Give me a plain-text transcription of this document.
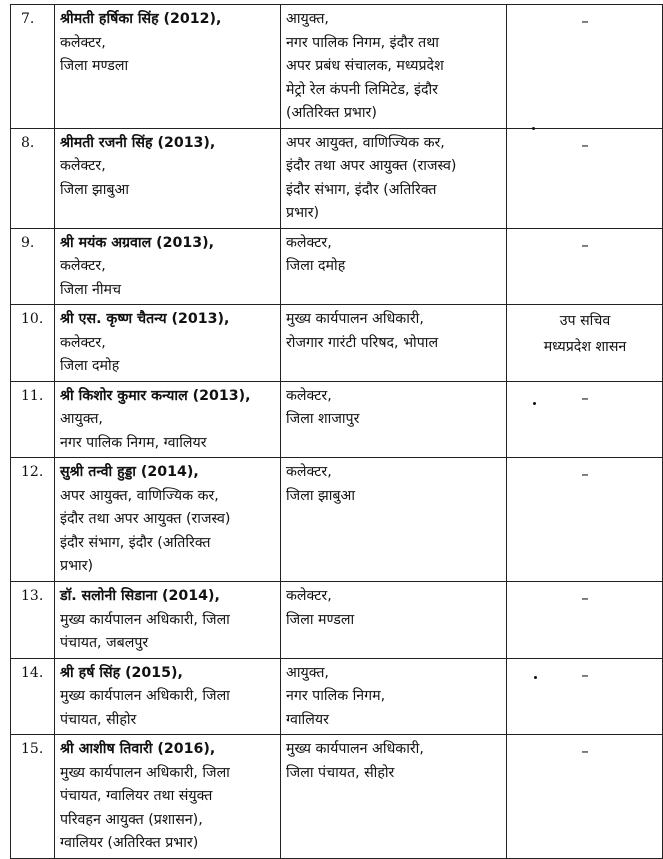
7.	श्रीमती हर्षिका सिंह (2012),
कलेक्टर,
जिला मण्डला	आयुक्त,
नगर पालिक निगम, इंदौर तथा
अपर प्रबंध संचालक, मध्यप्रदेश
मेट्रो रेल कंपनी लिमिटेड, इंदौर
(अतिरिक्त प्रभार)	–
8.	श्रीमती रजनी सिंह (2013),
कलेक्टर,
जिला झाबुआ	अपर आयुक्त, वाणिज्यिक कर,
इंदौर तथा अपर आयुक्त (राजस्व)
इंदौर संभाग, इंदौर (अतिरिक्त
प्रभार)	–
9.	श्री मयंक अग्रवाल (2013),
कलेक्टर,
जिला नीमच	कलेक्टर,
जिला दमोह	–
10.	श्री एस. कृष्ण चैतन्य (2013),
कलेक्टर,
जिला दमोह	मुख्य कार्यपालन अधिकारी,
रोजगार गारंटी परिषद, भोपाल	उप सचिव
मध्यप्रदेश शासन

11.	श्री किशोर कुमार कन्याल (2013),
आयुक्त,
नगर पालिक निगम, ग्वालियर	कलेक्टर,
जिला शाजापुर	–
12.	सुश्री तन्वी हुड्डा (2014),
अपर आयुक्त, वाणिज्यिक कर,
इंदौर तथा अपर आयुक्त (राजस्व)
इंदौर संभाग, इंदौर (अतिरिक्त
प्रभार)	कलेक्टर,
जिला झाबुआ	–
13.	डॉ. सलोनी सिडाना (2014),
मुख्य कार्यपालन अधिकारी, जिला
पंचायत, जबलपुर	कलेक्टर,
जिला मण्डला	–
14.	श्री हर्ष सिंह (2015),
मुख्य कार्यपालन अधिकारी, जिला
पंचायत, सीहोर	आयुक्त,
नगर पालिक निगम,
ग्वालियर	–
15.	श्री आशीष तिवारी (2016),
मुख्य कार्यपालन अधिकारी, जिला
पंचायत, ग्वालियर तथा संयुक्त
परिवहन आयुक्त (प्रशासन),
ग्वालियर (अतिरिक्त प्रभार)	मुख्य कार्यपालन अधिकारी,
जिला पंचायत, सीहोर	–
